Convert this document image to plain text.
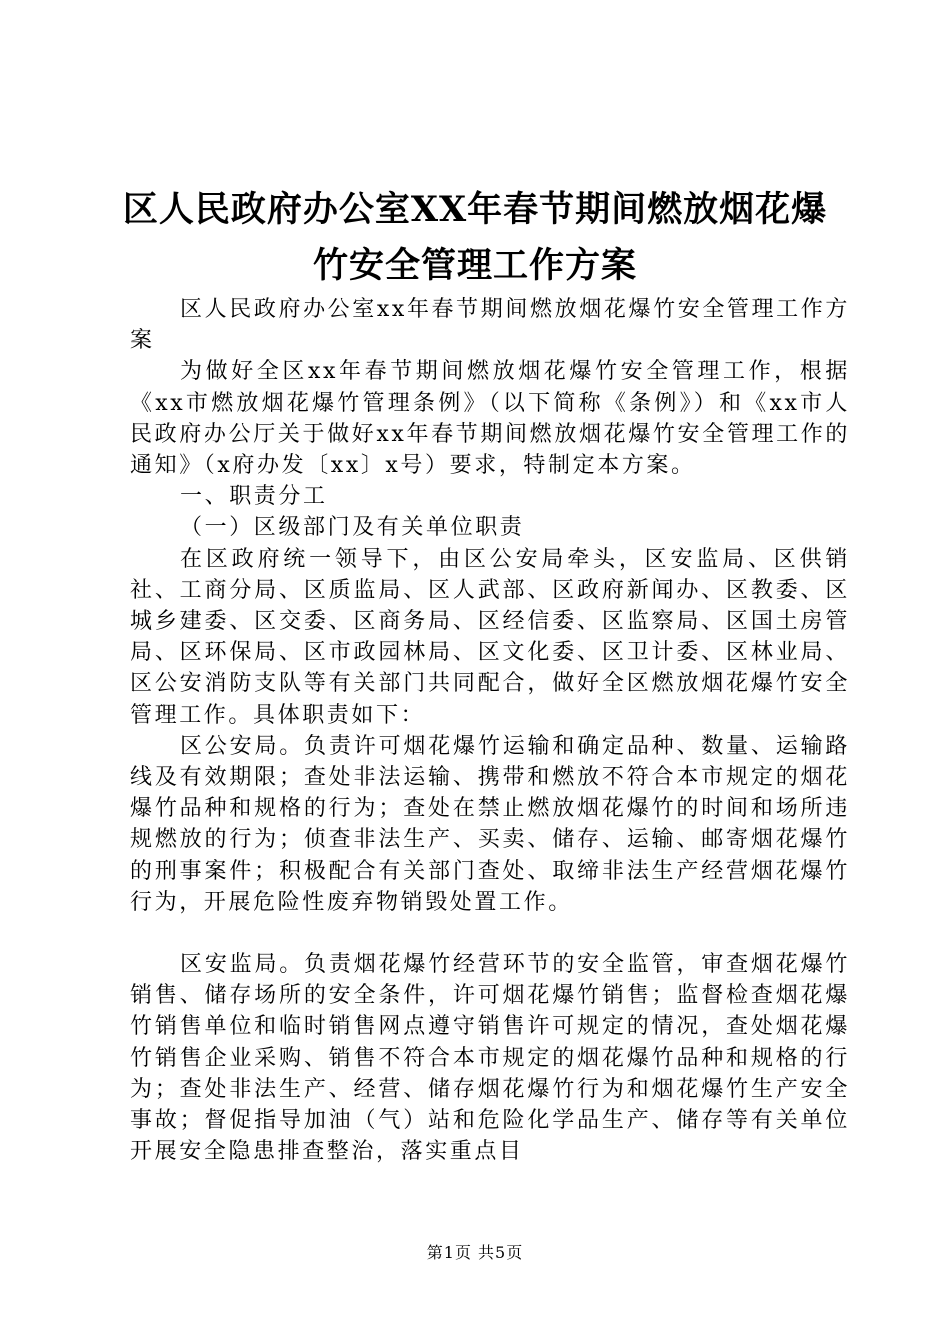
区人民政府办公室XX年春节期间燃放烟花爆
竹安全管理工作方案

区人民政府办公室xx年春节期间燃放烟花爆竹安全管理工作方案

为做好全区xx年春节期间燃放烟花爆竹安全管理工作，根据《xx市燃放烟花爆竹管理条例》（以下简称《条例》）和《xx市人民政府办公厅关于做好xx年春节期间燃放烟花爆竹安全管理工作的通知》（x府办发〔xx〕x号）要求，特制定本方案。

一、职责分工

（一）区级部门及有关单位职责

在区政府统一领导下，由区公安局牵头，区安监局、区供销社、工商分局、区质监局、区人武部、区政府新闻办、区教委、区城乡建委、区交委、区商务局、区经信委、区监察局、区国土房管局、区环保局、区市政园林局、区文化委、区卫计委、区林业局、区公安消防支队等有关部门共同配合，做好全区燃放烟花爆竹安全管理工作。具体职责如下：

区公安局。负责许可烟花爆竹运输和确定品种、数量、运输路线及有效期限；查处非法运输、携带和燃放不符合本市规定的烟花爆竹品种和规格的行为；查处在禁止燃放烟花爆竹的时间和场所违规燃放的行为；侦查非法生产、买卖、储存、运输、邮寄烟花爆竹的刑事案件；积极配合有关部门查处、取缔非法生产经营烟花爆竹行为，开展危险性废弃物销毁处置工作。

区安监局。负责烟花爆竹经营环节的安全监管，审查烟花爆竹销售、储存场所的安全条件，许可烟花爆竹销售；监督检查烟花爆竹销售单位和临时销售网点遵守销售许可规定的情况，查处烟花爆竹销售企业采购、销售不符合本市规定的烟花爆竹品种和规格的行为；查处非法生产、经营、储存烟花爆竹行为和烟花爆竹生产安全事故；督促指导加油（气）站和危险化学品生产、储存等有关单位开展安全隐患排查整治，落实重点目

第1页 共5页
